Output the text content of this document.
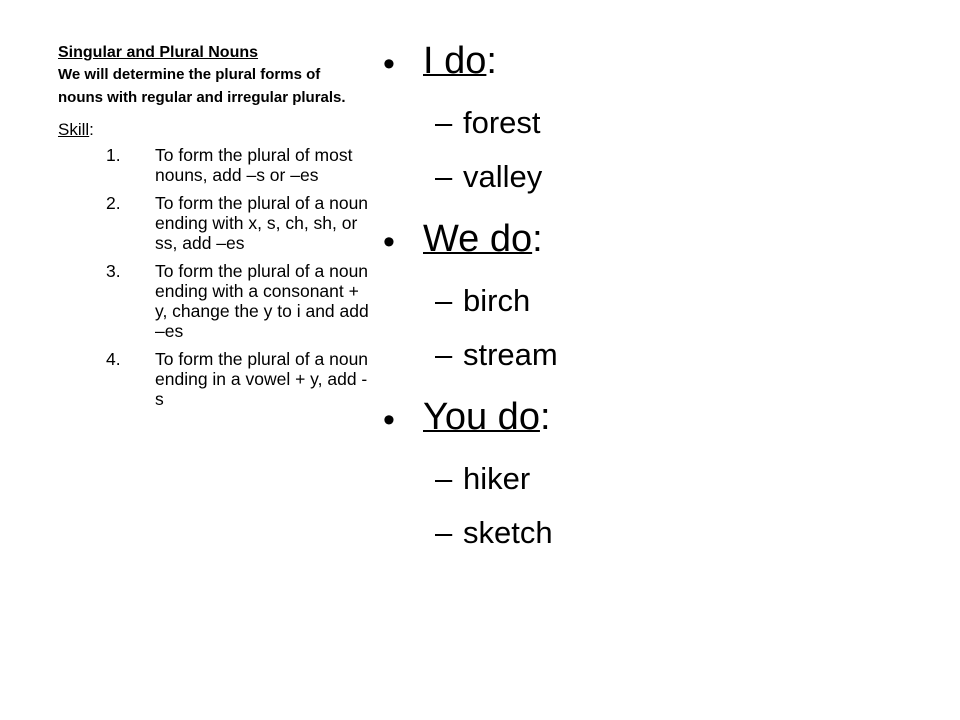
Singular and Plural Nouns
We will determine the plural forms of nouns with regular and irregular plurals.
Skill:
1. To form the plural of most nouns, add –s or –es
2. To form the plural of a noun ending with x, s, ch, sh, or ss, add –es
3. To form the plural of a noun ending with a consonant + y, change the y to i and add –es
4. To form the plural of a noun ending in a vowel + y, add -s
• I do:
– forest
– valley
• We do:
– birch
– stream
• You do:
– hiker
– sketch
